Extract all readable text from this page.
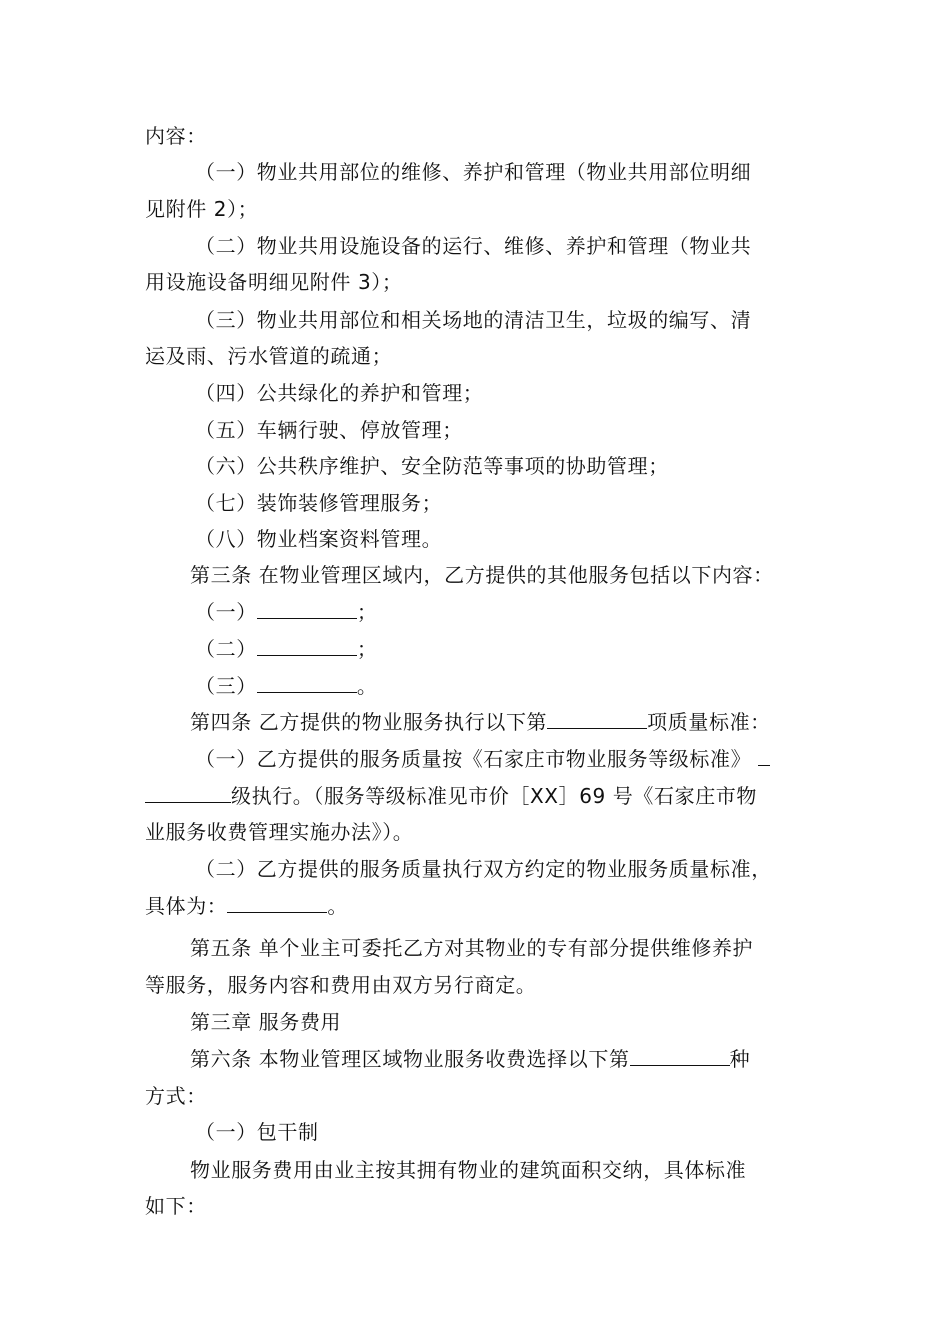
内容：
（一）物业共用部位的维修、养护和管理（物业共用部位明细
见附件 2）；
（二）物业共用设施设备的运行、维修、养护和管理（物业共
用设施设备明细见附件 3）；
（三）物业共用部位和相关场地的清洁卫生，垃圾的编写、清
运及雨、污水管道的疏通；
（四）公共绿化的养护和管理；
（五）车辆行驶、停放管理；
（六）公共秩序维护、安全防范等事项的协助管理；
（七）装饰装修管理服务；
（八）物业档案资料管理。
第三条 在物业管理区域内，乙方提供的其他服务包括以下内容：
（一）	；
（二）	；
（三）	。
第四条 乙方提供的物业服务执行以下第	项质量标准：
（一）乙方提供的服务质量按《石家庄市物业服务等级标准》
级执行。（服务等级标准见市价［XX］69 号《石家庄市物
业服务收费管理实施办法》）。
（二）乙方提供的服务质量执行双方约定的物业服务质量标准，
具体为：	。
第五条 单个业主可委托乙方对其物业的专有部分提供维修养护
等服务，服务内容和费用由双方另行商定。
第三章 服务费用
第六条 本物业管理区域物业服务收费选择以下第	种
方式：
（一）包干制
物业服务费用由业主按其拥有物业的建筑面积交纳，具体标准
如下：
